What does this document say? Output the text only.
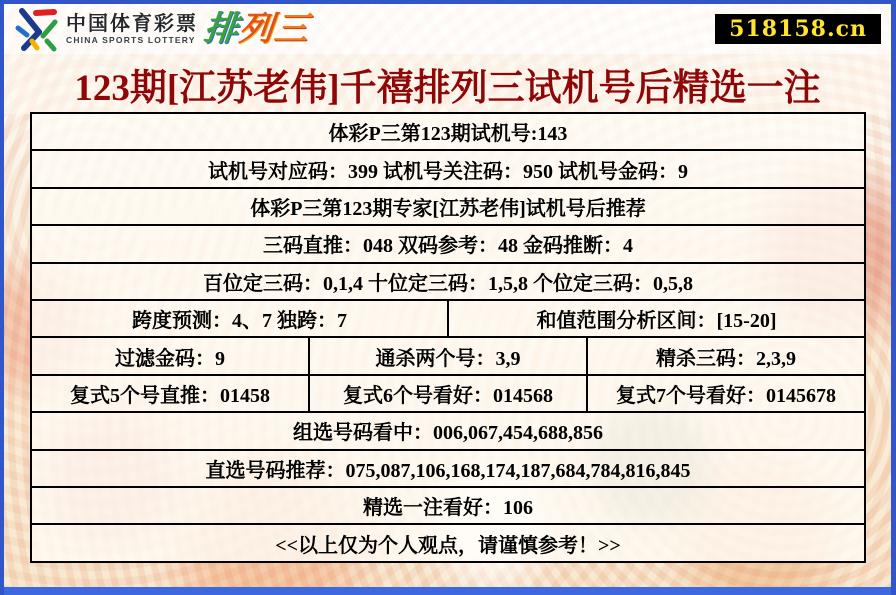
中国体育彩票
CHINA SPORTS LOTTERY 排列三	518158.cn
123期[江苏老伟]千禧排列三试机号后精选一注
体彩P三第123期试机号:143			
试机号对应码：399 试机号关注码：950 试机号金码：9			
体彩P三第123期专家[江苏老伟]试机号后推荐			
三码直推：048 双码参考：48 金码推断：4			
百位定三码：0,1,4 十位定三码：1,5,8 个位定三码：0,5,8			
跨度预测：4、7 独跨：7		和值范围分析区间：[15-20]	
过滤金码：9	通杀两个号：3,9		精杀三码：2,3,9
复式5个号直推：01458	复式6个号看好：014568		复式7个号看好：0145678
组选号码看中：006,067,454,688,856			
直选号码推荐：075,087,106,168,174,187,684,784,816,845			
精选一注看好：106			
<<以上仅为个人观点，请谨慎参考！>>			
